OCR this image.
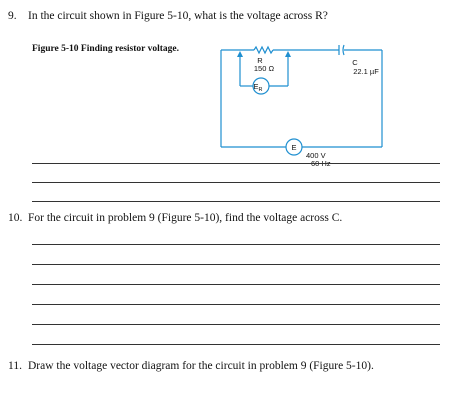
9. In the circuit shown in Figure 5-10, what is the voltage across R?
Figure 5-10 Finding resistor voltage.
R
150 Ω
C
22.1 µF
$E_R$
E
400 V
60 Hz
10. For the circuit in problem 9 (Figure 5-10), find the voltage across C.
11. Draw the voltage vector diagram for the circuit in problem 9 (Figure 5-10).
